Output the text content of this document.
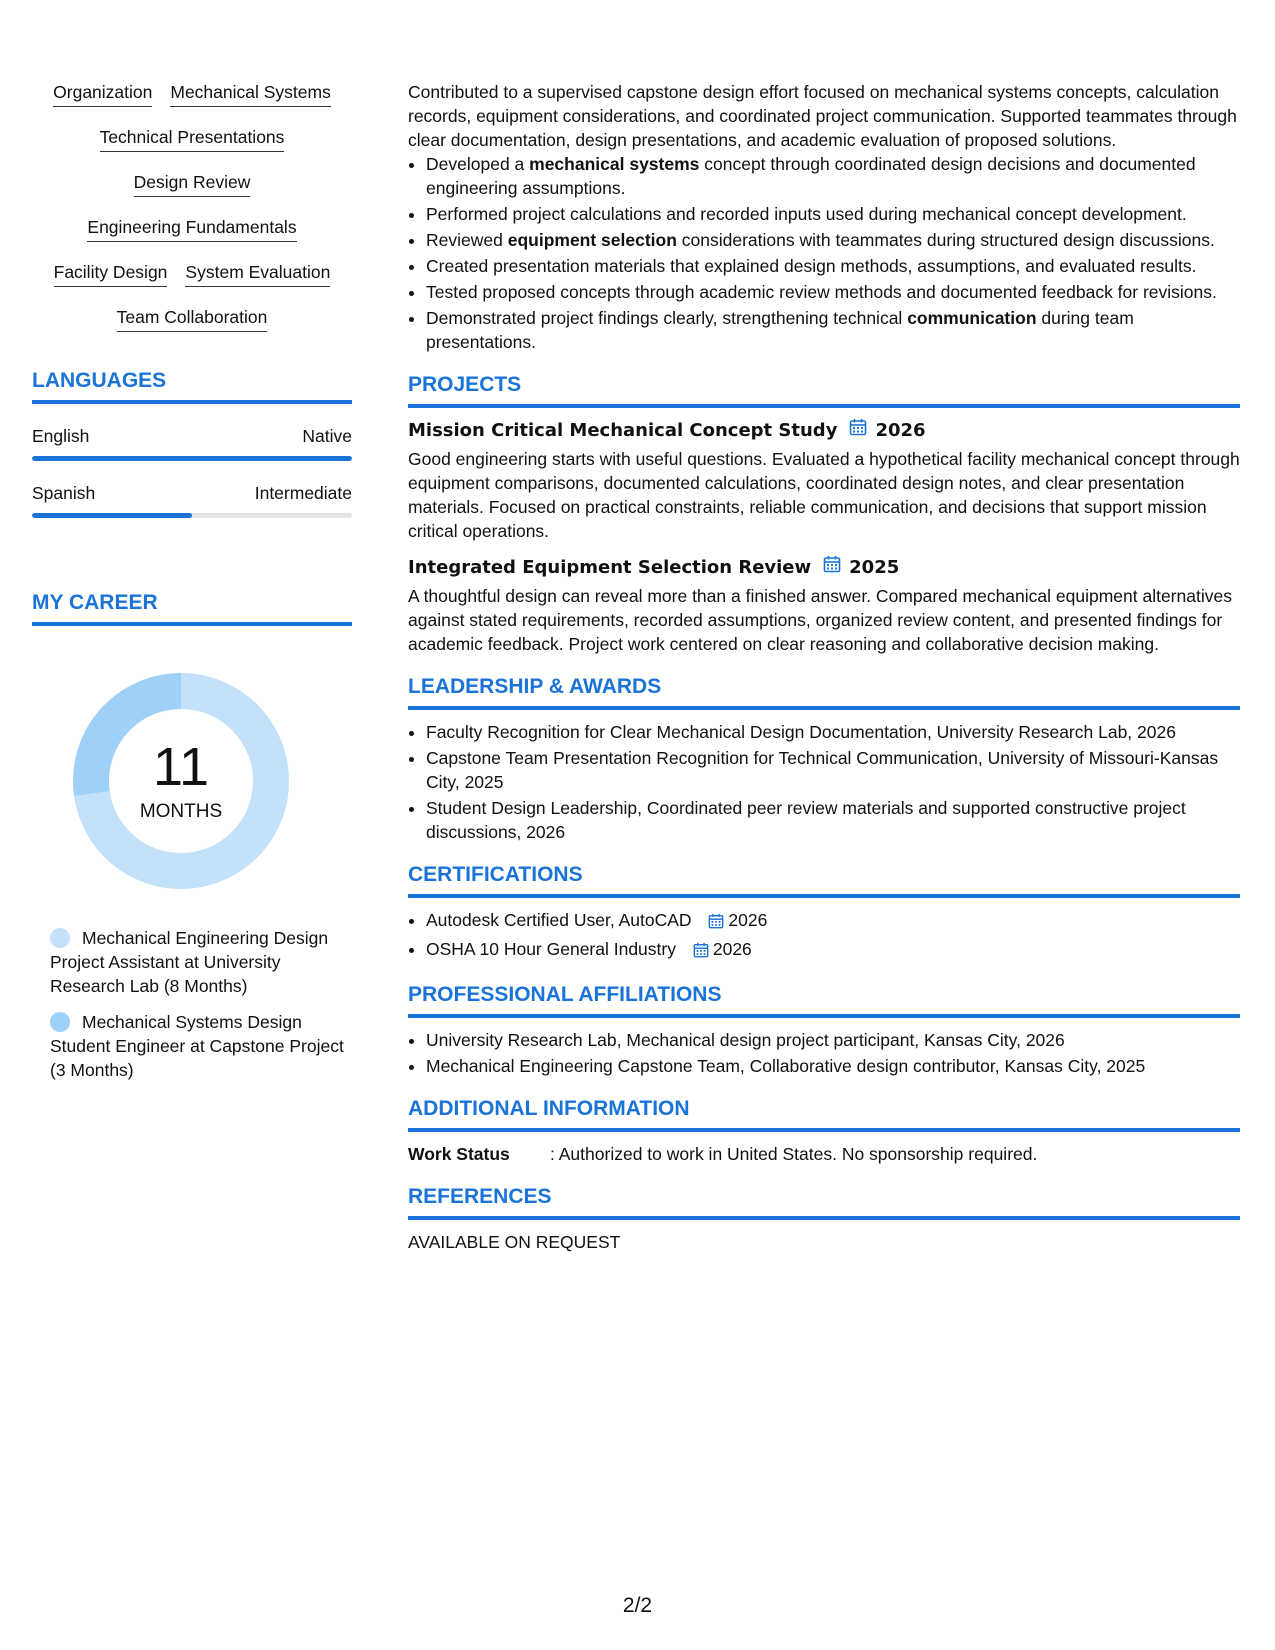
Organization Mechanical Systems
Technical Presentations
Design Review
Engineering Fundamentals
Facility Design System Evaluation
Team Collaboration
LANGUAGES
English	Native
Spanish	Intermediate
MY CAREER
11
MONTHS
Mechanical Engineering Design Project Assistant at University Research Lab (8 Months)
Mechanical Systems Design Student Engineer at Capstone Project (3 Months)

Contributed to a supervised capstone design effort focused on mechanical systems concepts, calculation records, equipment considerations, and coordinated project communication. Supported teammates through clear documentation, design presentations, and academic evaluation of proposed solutions.

• Developed a mechanical systems concept through coordinated design decisions and documented engineering assumptions.
• Performed project calculations and recorded inputs used during mechanical concept development.
• Reviewed equipment selection considerations with teammates during structured design discussions.
• Created presentation materials that explained design methods, assumptions, and evaluated results.
• Tested proposed concepts through academic review methods and documented feedback for revisions.
• Demonstrated project findings clearly, strengthening technical communication during team presentations.
PROJECTS
Mission Critical Mechanical Concept Study 2026

Good engineering starts with useful questions. Evaluated a hypothetical facility mechanical concept through equipment comparisons, documented calculations, coordinated design notes, and clear presentation materials. Focused on practical constraints, reliable communication, and decisions that support mission critical operations.

Integrated Equipment Selection Review 2025

A thoughtful design can reveal more than a finished answer. Compared mechanical equipment alternatives against stated requirements, recorded assumptions, organized review content, and presented findings for academic feedback. Project work centered on clear reasoning and collaborative decision making.

LEADERSHIP & AWARDS
• Faculty Recognition for Clear Mechanical Design Documentation, University Research Lab, 2026
• Capstone Team Presentation Recognition for Technical Communication, University of Missouri-Kansas City, 2025
• Student Design Leadership, Coordinated peer review materials and supported constructive project discussions, 2026
CERTIFICATIONS
• Autodesk Certified User, AutoCAD 2026
• OSHA 10 Hour General Industry 2026
PROFESSIONAL AFFILIATIONS
• University Research Lab, Mechanical design project participant, Kansas City, 2026
• Mechanical Engineering Capstone Team, Collaborative design contributor, Kansas City, 2025
ADDITIONAL INFORMATION
Work Status	: Authorized to work in United States. No sponsorship required.
REFERENCES

AVAILABLE ON REQUEST

2/2
